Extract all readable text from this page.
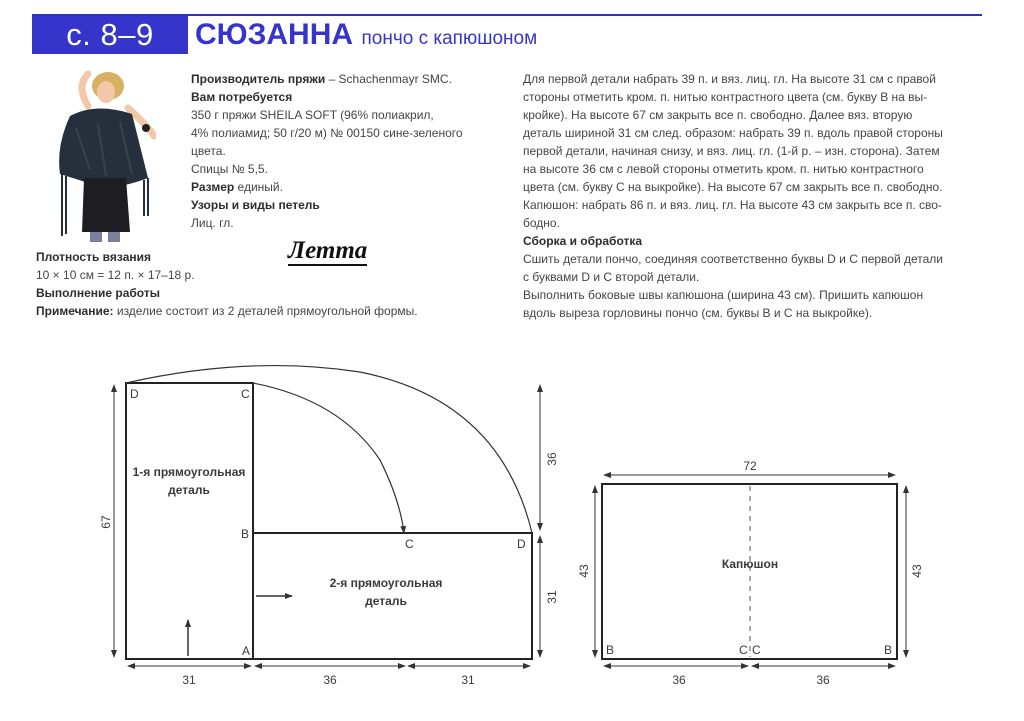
с. 8–9	СЮЗАННА пончо с капюшоном
Производитель пряжи – Schachenmayr SMC.
Вам потребуется
350 г пряжи SHEILA SOFT (96% полиакрил,
4% полиамид; 50 г/20 м) № 00150 сине-зеленого
цвета.
Спицы № 5,5.
Размер единый.
Узоры и виды петель
Лиц. гл.
Летта
Плотность вязания
10 × 10 см = 12 п. × 17–18 р.
Выполнение работы
Примечание: изделие состоит из 2 деталей прямоугольной формы.
Для первой детали набрать 39 п. и вяз. лиц. гл. На высоте 31 см с правой
стороны отметить кром. п. нитью контрастного цвета (см. букву В на вы-
кройке). На высоте 67 см закрыть все п. свободно. Далее вяз. вторую
деталь шириной 31 см след. образом: набрать 39 п. вдоль правой стороны
первой детали, начиная снизу, и вяз. лиц. гл. (1-й р. – изн. сторона). Затем
на высоте 36 см с левой стороны отметить кром. п. нитью контрастного
цвета (см. букву С на выкройке). На высоте 67 см закрыть все п. свободно.
Капюшон: набрать 86 п. и вяз. лиц. гл. На высоте 43 см закрыть все п. сво-
бодно.
Сборка и обработка
Сшить детали пончо, соединяя соответственно буквы D и C первой детали
с буквами D и C второй детали.
Выполнить боковые швы капюшона (ширина 43 см). Пришить капюшон
вдоль выреза горловины пончо (см. буквы В и С на выкройке).
1-я прямоугольная
деталь
2-я прямоугольная
деталь
D	C
B
A
C	D
67
31	36	31
36
31
Капюшон
B	C C	B
72
43	43
36	36
